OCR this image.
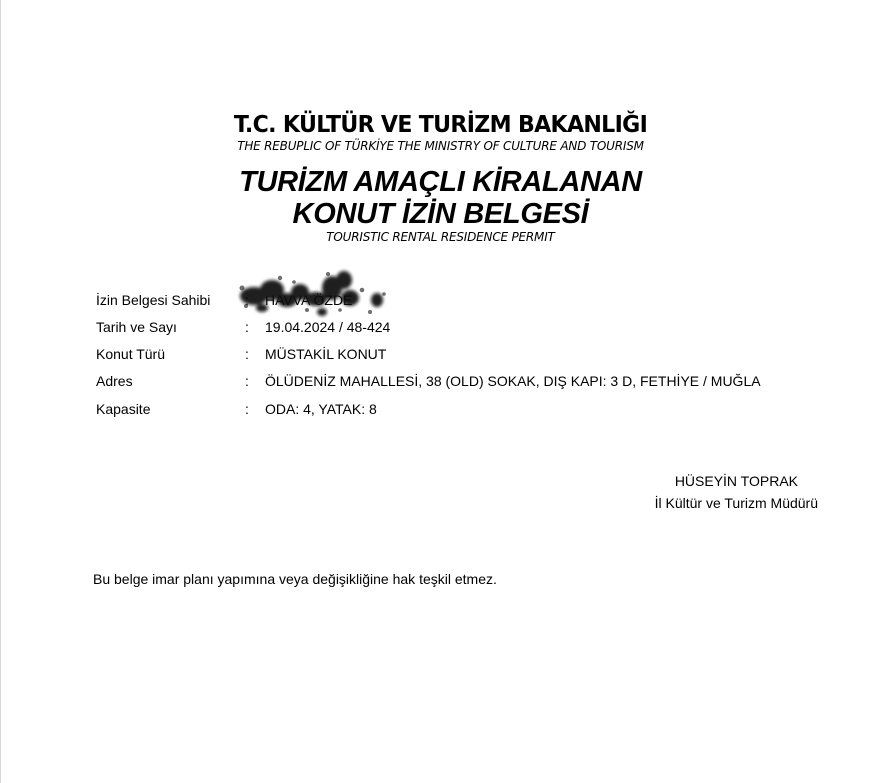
T.C. KÜLTÜR VE TURİZM BAKANLIĞI
THE REBUPLIC OF TÜRKİYE THE MINISTRY OF CULTURE AND TOURISM
TURİZM AMAÇLI KİRALANAN
KONUT İZİN BELGESİ
TOURISTIC RENTAL RESIDENCE PERMIT
İzin Belgesi Sahibi	ÖZDE
Tarih ve Sayı	: 19.04.2024 / 48-424
Konut Türü	: MÜSTAKİL KONUT
Adres	: ÖLÜDENİZ MAHALLESİ, 38 (OLD) SOKAK, DIŞ KAPI: 3 D, FETHİYE / MUĞLA
Kapasite	: ODA: 4, YATAK: 8
HÜSEYİN TOPRAK
İl Kültür ve Turizm Müdürü
Bu belge imar planı yapımına veya değişikliğine hak teşkil etmez.
